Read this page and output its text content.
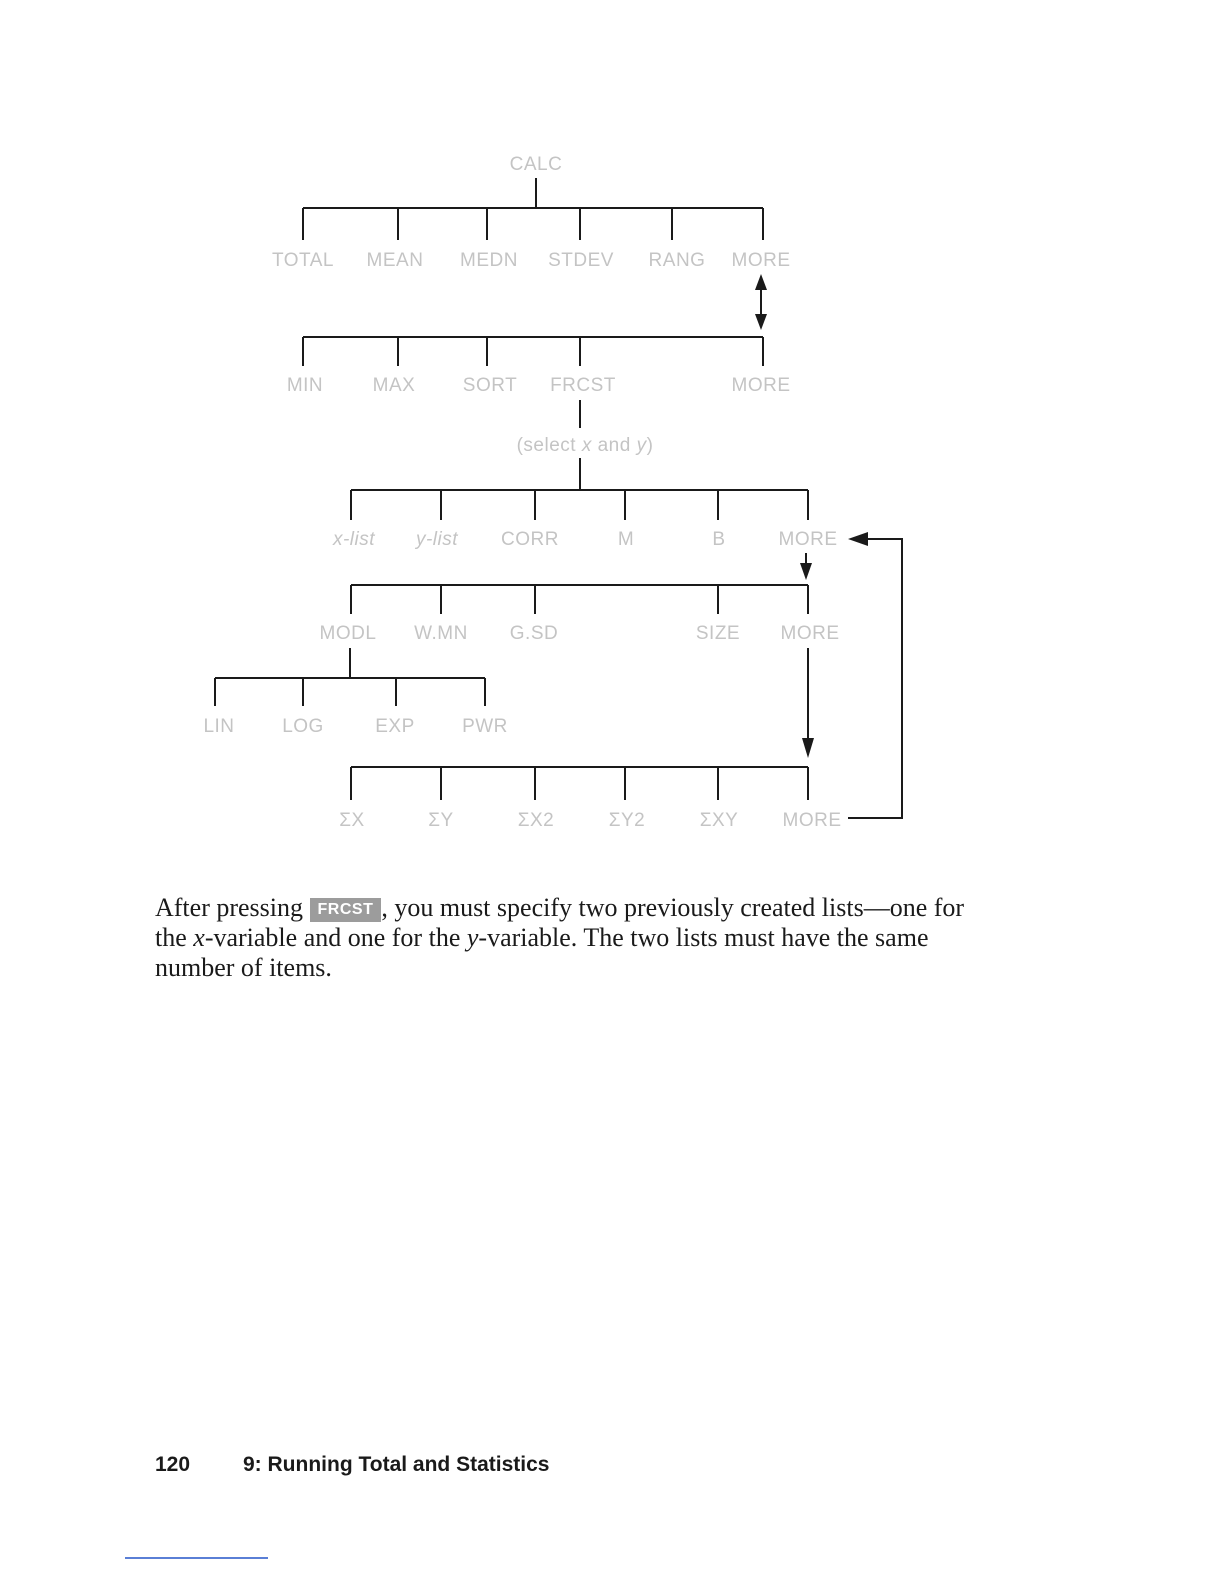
CALC
TOTAL MEAN MEDN STDEV RANG MORE
MIN	MAX SORT FRCST	MORE
(select x and y)
x-list y-list CORR	M	B	MORE
MODL W.MN G.SD	SIZE MORE
LIN	LOG	EXP PWR
ΣX	ΣY	ΣX2	ΣY2	ΣXY MORE

After pressing FRCST , you must specify two previously created lists—one for the x-variable and one for the y-variable. The two lists must have the same number of items.

120	9: Running Total and Statistics
